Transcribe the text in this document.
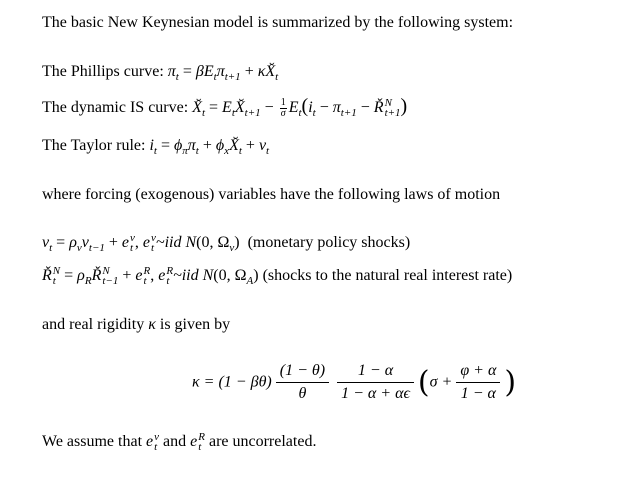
The basic New Keynesian model is summarized by the following system:
The Phillips curve: $\pi_t = \beta E_t\pi_{t+1}$ + $\kappa X̆_t$
The dynamic IS curve: $X̆_t$ = $E_tX̆_{t+1} - \frac{1}{\sigma} E_t(i_t - \pi_{t+1}$ − Ř N
t+1 )
The Taylor rule: $i_t = \phi_\pi\pi_t$ + $\phi_xX̆_t + v_t$
where forcing (exogenous) variables have the following laws of motion
$v_t = \rho_vv_{t-1} + e$ v
t , e v
t ~iid N(0, $\Omega_v$) (monetary policy shocks)
Ř N
$t = \rho_RŘ$ N
t−1 + e R
t , e R
t ~iid N(0, $\Omega_A$) (shocks to the natural real interest rate)
and real rigidity κ is given by
$\kappa = (1 - \beta\theta) \frac{(1 - \theta)}{\theta} \frac{1 - \alpha}{1 - \alpha + \alpha\epsilon} (\sigma + \frac{\varphi + \alpha}{1 - \alpha}$ )
We assume that e v
t and e R
t are uncorrelated.
